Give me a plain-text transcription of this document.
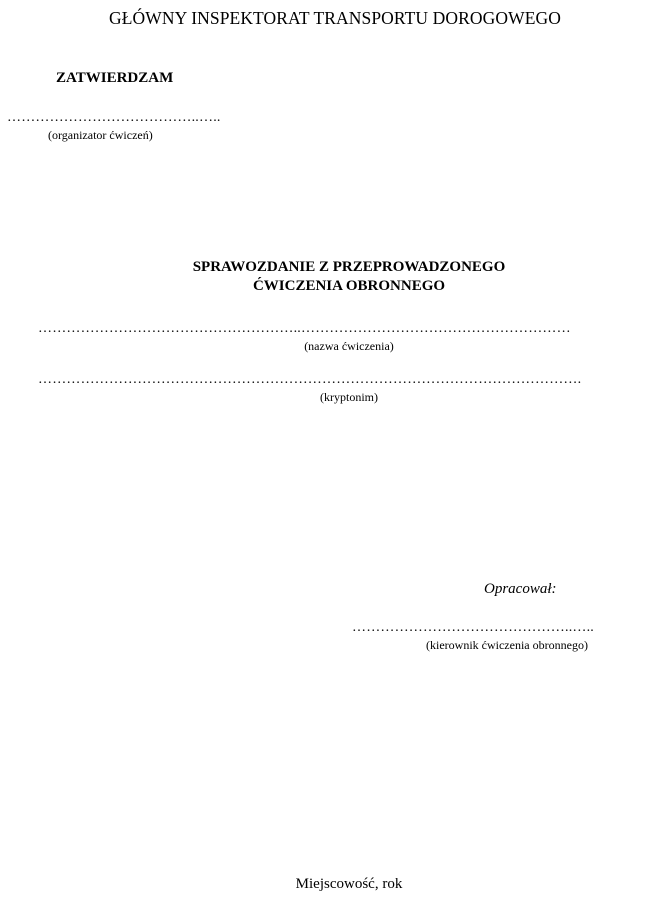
GŁÓWNY INSPEKTORAT TRANSPORTU DOROGOWEGO
ZATWIERDZAM
…………………………………..…..
(organizator ćwiczeń)
SPRAWOZDANIE Z PRZEPROWADZONEGO
ĆWICZENIA OBRONNEGO
………………………………………………..…………………………………………………
(nazwa ćwiczenia)
…………………………………………………………………………………………………….
(kryptonim)
Opracował:
………………………………………..…..
(kierownik ćwiczenia obronnego)
Miejscowość, rok
